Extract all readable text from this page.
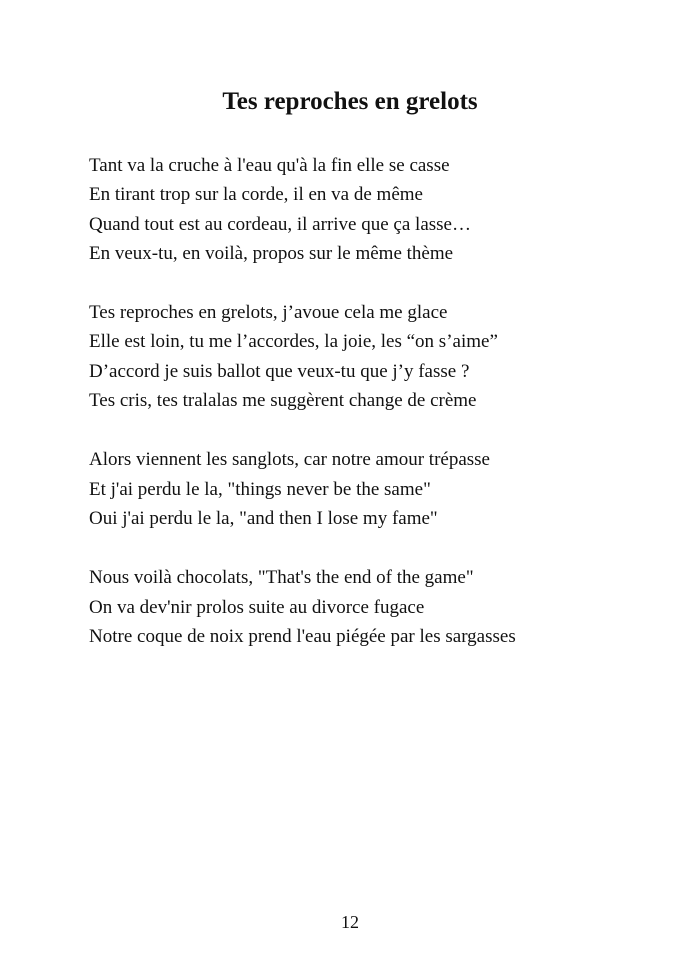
Tes reproches en grelots
Tant va la cruche à l'eau qu'à la fin elle se casse
En tirant trop sur la corde, il en va de même
Quand tout est au cordeau, il arrive que ça lasse…
En veux-tu, en voilà, propos sur le même thème
Tes reproches en grelots, j’avoue cela me glace
Elle est loin, tu me l’accordes, la joie, les “on s’aime”
D’accord je suis ballot que veux-tu que j’y fasse ?
Tes cris, tes tralalas me suggèrent change de crème
Alors viennent les sanglots, car notre amour trépasse
Et j'ai perdu le la, "things never be the same"
Oui j'ai perdu le la, "and then I lose my fame"
Nous voilà chocolats, "That's the end of the game"
On va dev'nir prolos suite au divorce fugace
Notre coque de noix prend l'eau piégée par les sargasses
12
